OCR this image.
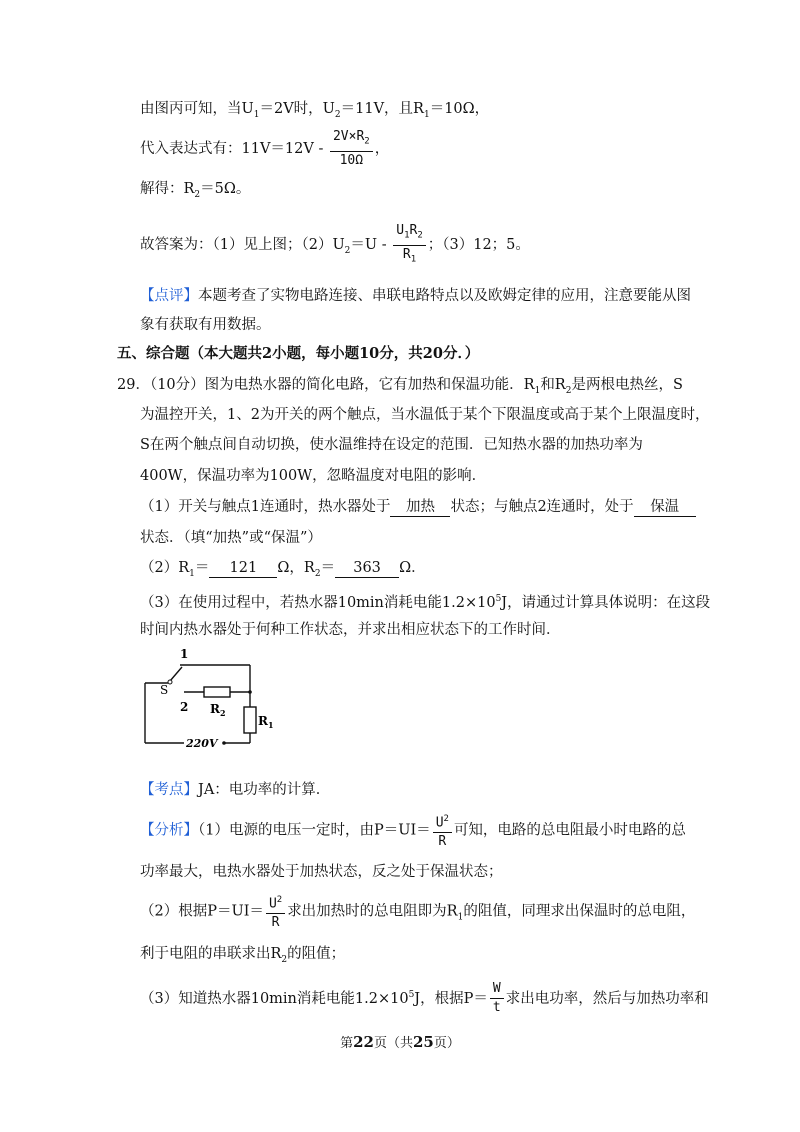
由图丙可知，当$U_1=2V$时，$U_2=11V$，且$R_1=10\Omega$，
代入表达式有：$11V=12V - \frac{2V\times R_2}{10\Omega}$ ，
解得：$R_2=5\Omega$。
故答案为：（1）见上图；$(2)U_2=U - \frac{U_1R_2}{R_1}$ ；（3）12；5。
【点评】本题考查了实物电路连接、串联电路特点以及欧姆定律的应用，注意要能从图
象有获取有用数据。
五、综合题（本大题共2小题，每小题10分，共20分．）
29．（10分）图为电热水器的简化电路，它有加热和保温功能．$R_1$和$R_2$是两根电热丝，S
为温控开关，1、2为开关的两个触点，当水温低于某个下限温度或高于某个上限温度时，
S在两个触点间自动切换，使水温维持在设定的范围．已知热水器的加热功率为
400W，保温功率为100W，忽略温度对电阻的影响．
（1）开关与触点1连通时，热水器处于 加热 状态；与触点2连通时，处于 保温
状态．（填“加热”或“保温”）
$(2)R_1= 121$ Ω，$R_2= 363$ Ω．
（3）在使用过程中，若热水器10min消耗电能$1.2\times 10^5J$，请通过计算具体说明：在这段
时间内热水器处于何种工作状态，并求出相应状态下的工作时间．
1
S
2 $R_2$
$R_1$
220V
【考点】JA：电功率的计算．
【分析】（1）电源的电压一定时，由$P=UI= \frac{U^2}{R}$ 可知，电路的总电阻最小时电路的总
功率最大，电热水器处于加热状态，反之处于保温状态；
（2）根据$P=UI= \frac{U^2}{R}$ 求出加热时的总电阻即为$R_1$的阻值，同理求出保温时的总电阻，
利于电阻的串联求出$R_2$的阻值；
（3）知道热水器10min消耗电能$1.2\times 10^5J$，根据$P= \frac{W}{t}$ 求出电功率，然后与加热功率和
第22页（共25页）
